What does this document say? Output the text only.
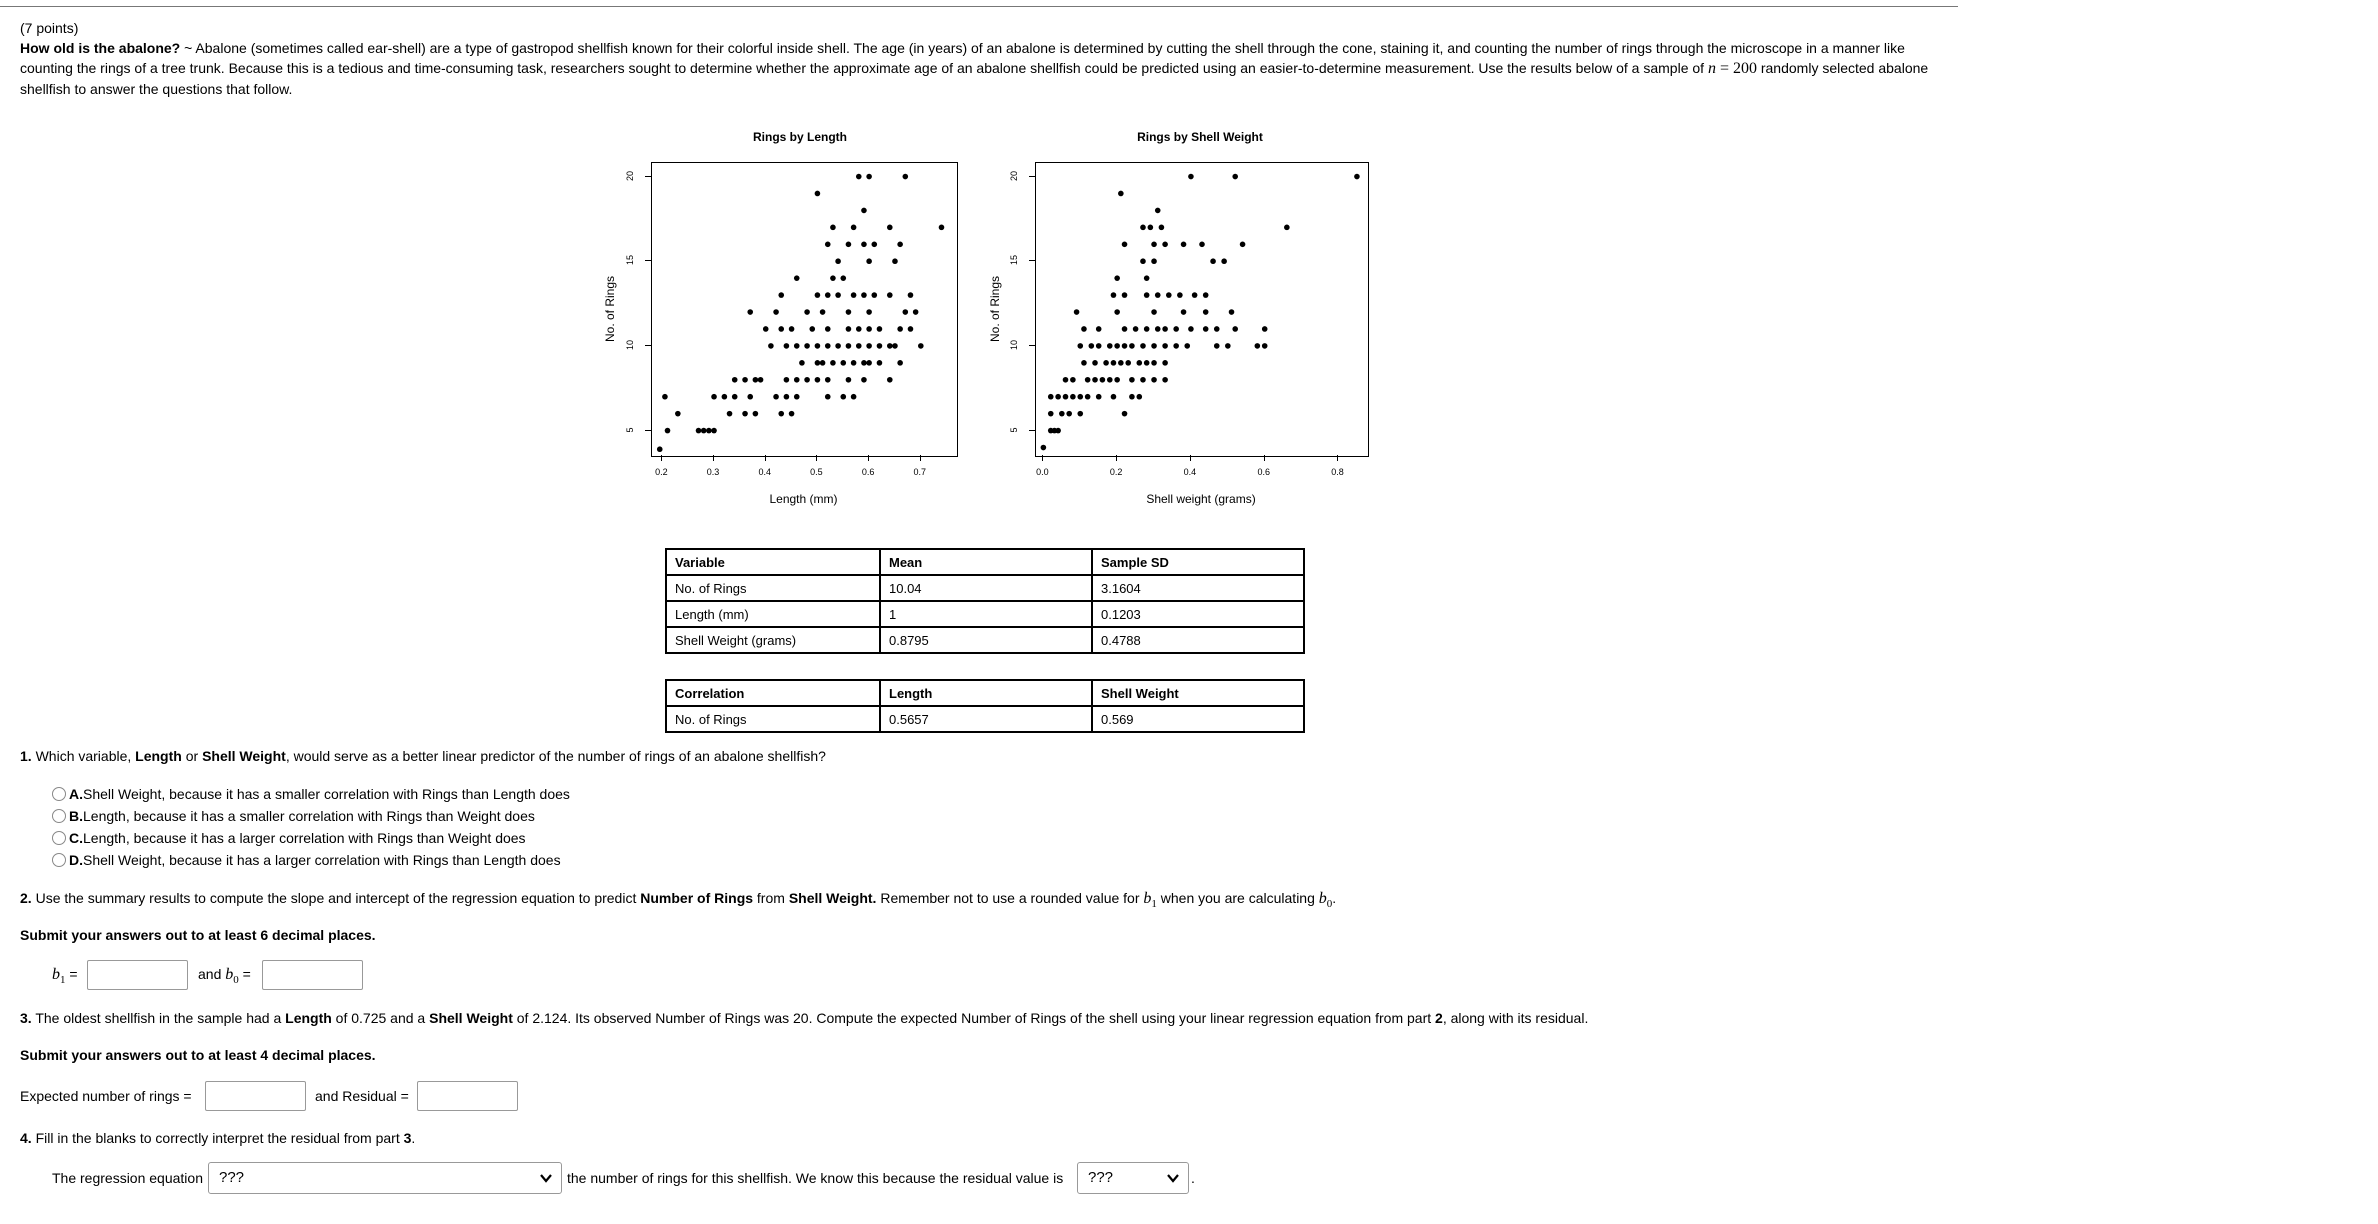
(7 points)

How old is the abalone? ~ Abalone (sometimes called ear-shell) are a type of gastropod shellfish known for their colorful inside shell. The age (in years) of an abalone is determined by cutting the shell through the cone, staining it, and counting the number of rings through the microscope in a manner like counting the rings of a tree trunk. Because this is a tedious and time-consuming task, researchers sought to determine whether the approximate age of an abalone shellfish could be predicted using an easier-to-determine measurement. Use the results below of a sample of n = 200 randomly selected abalone shellfish to answer the questions that follow.

Rings by Length
0.2	0.3	0.4	0.5	0.6	0.7
5
10
15
20
Length (mm)
No. of Rings
Rings by Shell Weight
0.0	0.2	0.4	0.6	0.8
5
10
15
20
Shell weight (grams)
No. of Rings
Variable	Mean	Sample SD
No. of Rings	10.04	3.1604
Length (mm)	1	0.1203
Shell Weight (grams)	0.8795	0.4788
Correlation	Length	Shell Weight
No. of Rings	0.5657	0.569
1. Which variable, Length or Shell Weight, would serve as a better linear predictor of the number of rings of an abalone shellfish?
A. Shell Weight, because it has a smaller correlation with Rings than Length does
B. Length, because it has a smaller correlation with Rings than Weight does
C. Length, because it has a larger correlation with Rings than Weight does
D. Shell Weight, because it has a larger correlation with Rings than Length does
2. Use the summary results to compute the slope and intercept of the regression equation to predict Number of Rings from Shell Weight. Remember not to use a rounded value for $b_1$ when you are calculating $b_0$.
Submit your answers out to at least 6 decimal places.
$b_1$ =	and $b_0$ =
3. The oldest shellfish in the sample had a Length of 0.725 and a Shell Weight of 2.124. Its observed Number of Rings was 20. Compute the expected Number of Rings of the shell using your linear regression equation from part 2, along with its residual.
Submit your answers out to at least 4 decimal places.
Expected number of rings =	and Residual =
4. Fill in the blanks to correctly interpret the residual from part 3.
The regression equation	???	the number of rings for this shellfish. We know this because the residual value is	???	.
